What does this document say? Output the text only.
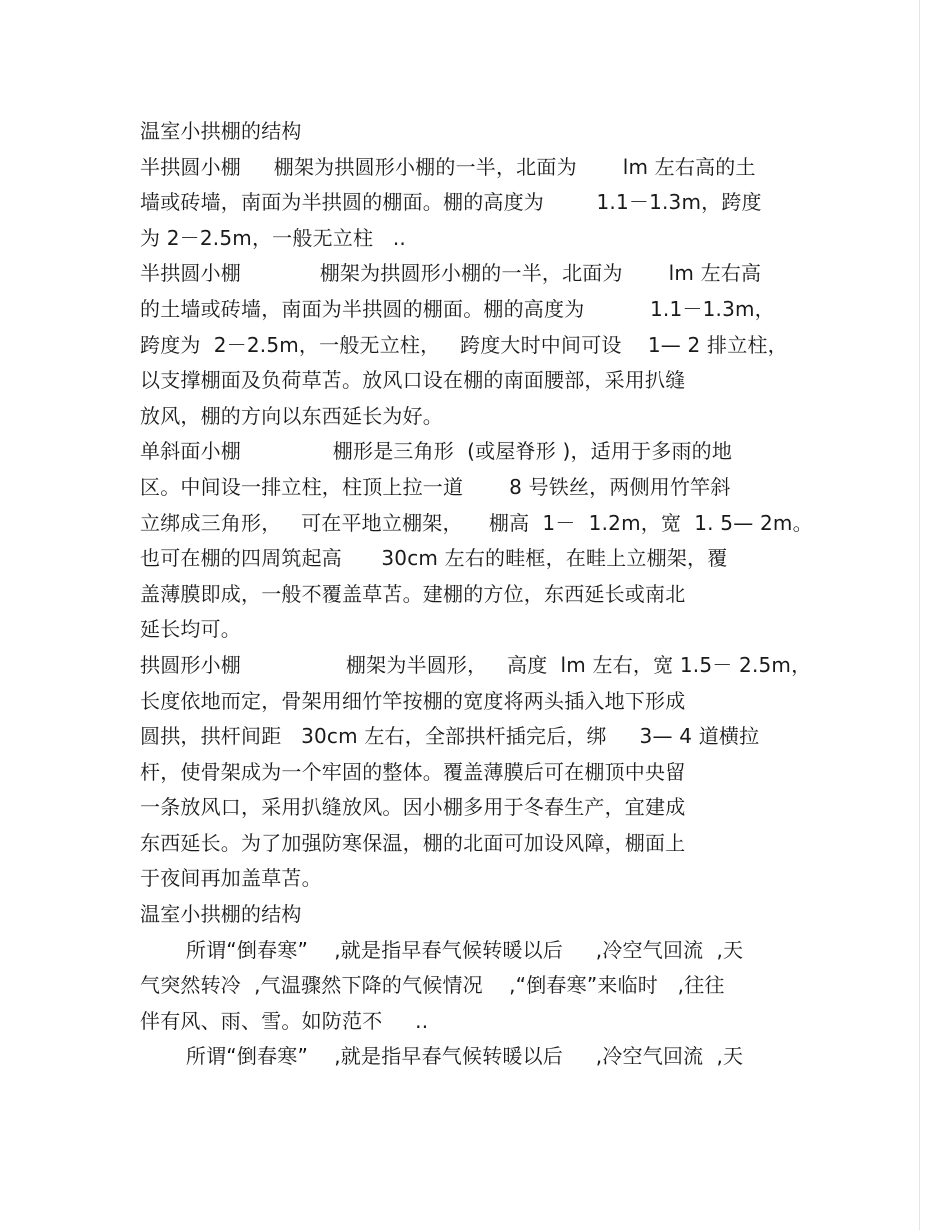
温室小拱棚的结构
半拱圆小棚     棚架为拱圆形小棚的一半，北面为       lm 左右高的土
墙或砖墙，南面为半拱圆的棚面。棚的高度为        1.1－1.3m，跨度
为 2－2.5m，一般无立柱   ..
半拱圆小棚            棚架为拱圆形小棚的一半，北面为       lm 左右高
的土墙或砖墙，南面为半拱圆的棚面。棚的高度为          1.1－1.3m，
跨度为  2－2.5m，一般无立柱，   跨度大时中间可设    1— 2 排立柱，
以支撑棚面及负荷草苫。放风口设在棚的南面腰部，采用扒缝
放风，棚的方向以东西延长为好。
单斜面小棚              棚形是三角形  (或屋脊形 )，适用于多雨的地
区。中间设一排立柱，柱顶上拉一道       8 号铁丝，两侧用竹竿斜
立绑成三角形，   可在平地立棚架，    棚高  1－  1.2m，宽  1. 5— 2m。
也可在棚的四周筑起高      30cm 左右的畦框，在畦上立棚架，覆
盖薄膜即成，一般不覆盖草苫。建棚的方位，东西延长或南北
延长均可。
拱圆形小棚                棚架为半圆形，   高度  lm 左右，宽 1.5－ 2.5m，
长度依地而定，骨架用细竹竿按棚的宽度将两头插入地下形成
圆拱，拱杆间距   30cm 左右，全部拱杆插完后，绑     3— 4 道横拉
杆，使骨架成为一个牢固的整体。覆盖薄膜后可在棚顶中央留
一条放风口，采用扒缝放风。因小棚多用于冬春生产，宜建成
东西延长。为了加强防寒保温，棚的北面可加设风障，棚面上
于夜间再加盖草苫。
温室小拱棚的结构
所谓“倒春寒”    ,就是指早春气候转暖以后     ,冷空气回流  ,天
气突然转冷  ,气温骤然下降的气候情况    ,“倒春寒”来临时   ,往往
伴有风、雨、雪。如防范不     ..
所谓“倒春寒”    ,就是指早春气候转暖以后     ,冷空气回流  ,天
